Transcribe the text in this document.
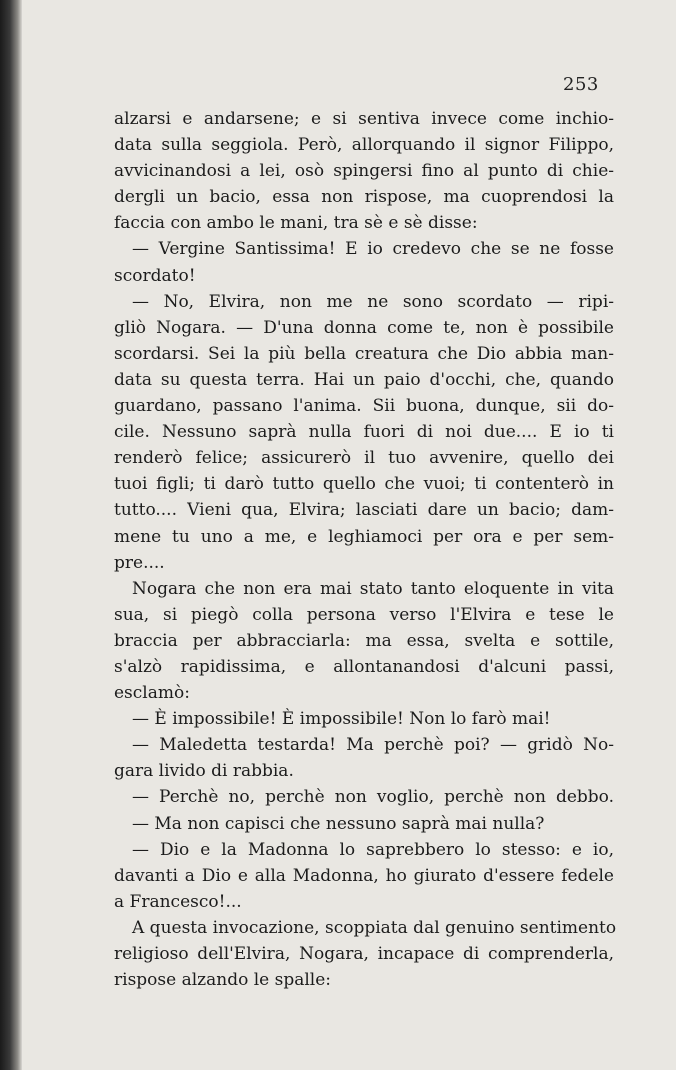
253
alzarsi e andarsene; e si sentiva invece come inchio-
data sulla seggiola. Però, allorquando il signor Filippo,
avvicinandosi a lei, osò spingersi fino al punto di chie-
dergli un bacio, essa non rispose, ma cuoprendosi la
faccia con ambo le mani, tra sè e sè disse:
— Vergine Santissima! E io credevo che se ne fosse
scordato!
— No, Elvira, non me ne sono scordato — ripi-
gliò Nogara. — D'una donna come te, non è possibile
scordarsi. Sei la più bella creatura che Dio abbia man-
data su questa terra. Hai un paio d'occhi, che, quando
guardano, passano l'anima. Sii buona, dunque, sii do-
cile. Nessuno saprà nulla fuori di noi due.... E io ti
renderò felice; assicurerò il tuo avvenire, quello dei
tuoi figli; ti darò tutto quello che vuoi; ti contenterò in
tutto.... Vieni qua, Elvira; lasciati dare un bacio; dam-
mene tu uno a me, e leghiamoci per ora e per sem-
pre....
Nogara che non era mai stato tanto eloquente in vita
sua, si piegò colla persona verso l'Elvira e tese le
braccia per abbracciarla: ma essa, svelta e sottile,
s'alzò rapidissima, e allontanandosi d'alcuni passi,
esclamò:
— È impossibile! È impossibile! Non lo farò mai!
— Maledetta testarda! Ma perchè poi? — gridò No-
gara livido di rabbia.
— Perchè no, perchè non voglio, perchè non debbo.
— Ma non capisci che nessuno saprà mai nulla?
— Dio e la Madonna lo saprebbero lo stesso: e io,
davanti a Dio e alla Madonna, ho giurato d'essere fedele
a Francesco!...
A questa invocazione, scoppiata dal genuino sentimento
religioso dell'Elvira, Nogara, incapace di comprenderla,
rispose alzando le spalle:
